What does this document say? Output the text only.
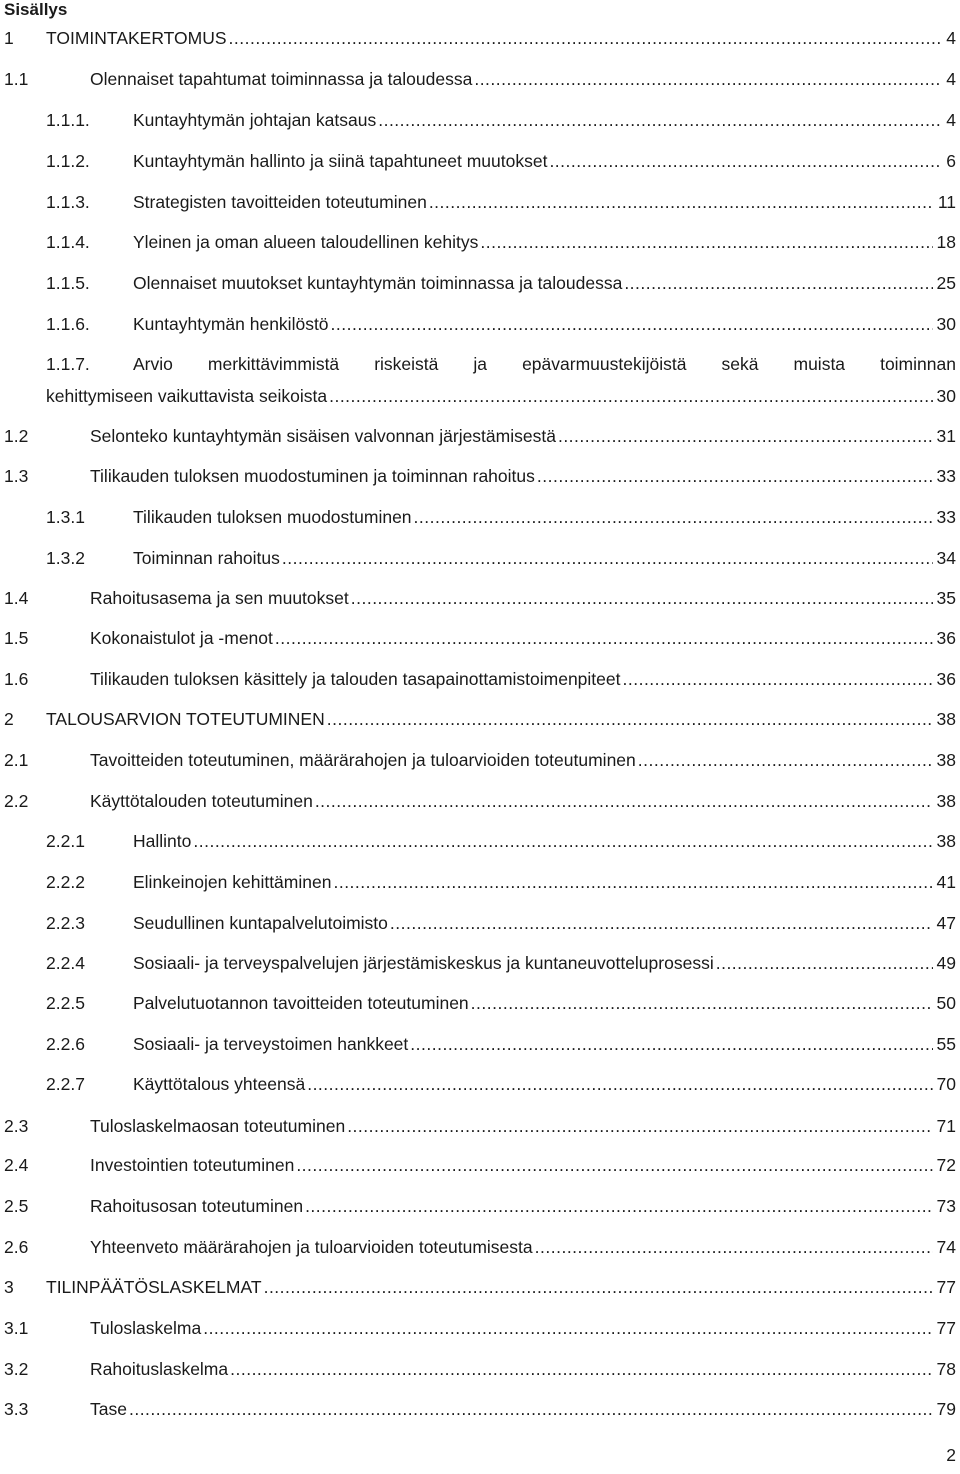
Sisällys
1 TOIMINTAKERTOMUS .....	4
1.1	Olennaiset tapahtumat toiminnassa ja taloudessa .....	4
1.1.1. Kuntayhtymän johtajan katsaus .....	4
1.1.2. Kuntayhtymän hallinto ja siinä tapahtuneet muutokset .....	6
1.1.3. Strategisten tavoitteiden toteutuminen .....	11
1.1.4. Yleinen ja oman alueen taloudellinen kehitys .....	18
1.1.5. Olennaiset muutokset kuntayhtymän toiminnassa ja taloudessa .....	25
1.1.6. Kuntayhtymän henkilöstö .....	30
1.1.7. Arvio merkittävimmistä riskeistä ja epävarmuustekijöistä sekä muista toiminnan
kehittymiseen vaikuttavista seikoista .....	30
1.2	Selonteko kuntayhtymän sisäisen valvonnan järjestämisestä .....	31
1.3	Tilikauden tuloksen muodostuminen ja toiminnan rahoitus .....	33
1.3.1	Tilikauden tuloksen muodostuminen .....	33
1.3.2	Toiminnan rahoitus .....	34
1.4	Rahoitusasema ja sen muutokset .....	35
1.5	Kokonaistulot ja -menot .....	36
1.6	Tilikauden tuloksen käsittely ja talouden tasapainottamistoimenpiteet .....	36
2 TALOUSARVION TOTEUTUMINEN .....	38
2.1	Tavoitteiden toteutuminen, määrärahojen ja tuloarvioiden toteutuminen .....	38
2.2	Käyttötalouden toteutuminen .....	38
2.2.1	Hallinto .....	38
2.2.2	Elinkeinojen kehittäminen .....	41
2.2.3	Seudullinen kuntapalvelutoimisto .....	47
2.2.4	Sosiaali- ja terveyspalvelujen järjestämiskeskus ja kuntaneuvotteluprosessi .....	49
2.2.5	Palvelutuotannon tavoitteiden toteutuminen .....	50
2.2.6	Sosiaali- ja terveystoimen hankkeet .....	55
2.2.7	Käyttötalous yhteensä .....	70
2.3	Tuloslaskelmaosan toteutuminen .....	71
2.4	Investointien toteutuminen .....	72
2.5	Rahoitusosan toteutuminen .....	73
2.6	Yhteenveto määrärahojen ja tuloarvioiden toteutumisesta .....	74
3 TILINPÄÄTÖSLASKELMAT .....	77
3.1	Tuloslaskelma .....	77
3.2	Rahoituslaskelma .....	78
3.3	Tase .....	79
2
